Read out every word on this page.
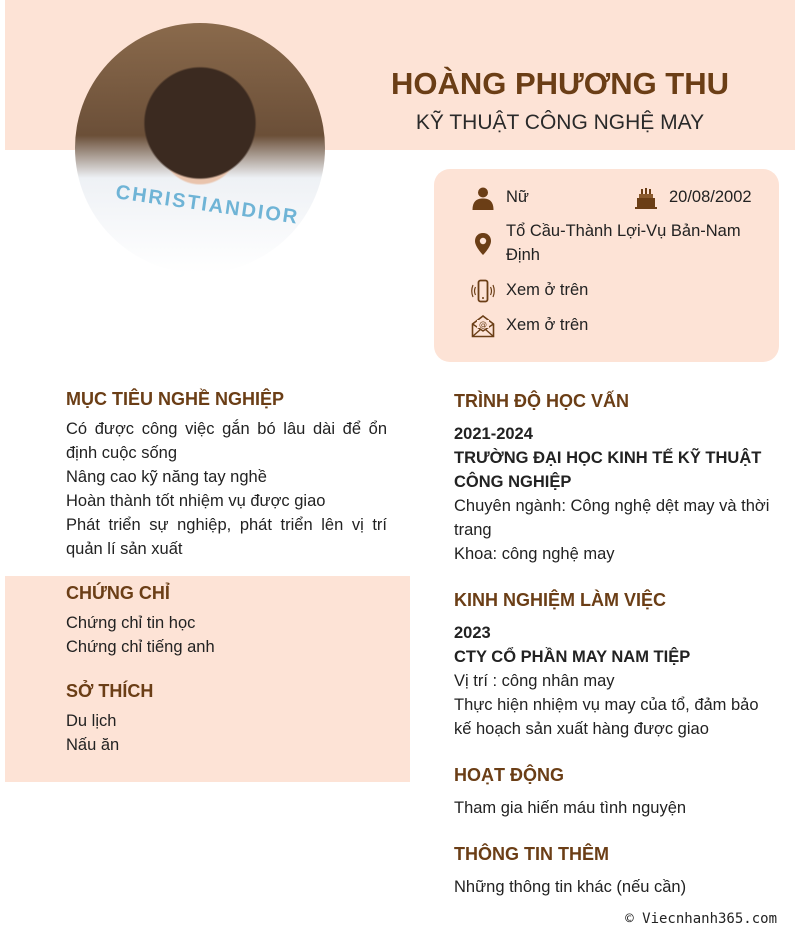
CHRISTIANDIOR
HOÀNG PHƯƠNG THU
KỸ THUẬT CÔNG NGHỆ MAY
Nữ	20/08/2002
Tổ Cầu-Thành Lợi-Vụ Bản-Nam Định
Xem ở trên
@ Xem ở trên
MỤC TIÊU NGHỀ NGHIỆP

Có được công việc gắn bó lâu dài để ổn định cuộc sống

Nâng cao kỹ năng tay nghề

Hoàn thành tốt nhiệm vụ được giao

Phát triển sự nghiệp, phát triển lên vị trí quản lí sản xuất

CHỨNG CHỈ

Chứng chỉ tin học

Chứng chỉ tiếng anh

SỞ THÍCH

Du lịch

Nấu ăn

TRÌNH ĐỘ HỌC VẤN

2021-2024

TRƯỜNG ĐẠI HỌC KINH TẾ KỸ THUẬT CÔNG NGHIỆP

Chuyên ngành: Công nghệ dệt may và thời trang

Khoa: công nghệ may

KINH NGHIỆM LÀM VIỆC

2023

CTY CỔ PHẦN MAY NAM TIỆP

Vị trí : công nhân may

Thực hiện nhiệm vụ may của tổ, đảm bảo kế hoạch sản xuất hàng được giao

HOẠT ĐỘNG
Tham gia hiến máu tình nguyện
THÔNG TIN THÊM
Những thông tin khác (nếu cần)
© Viecnhanh365.com
